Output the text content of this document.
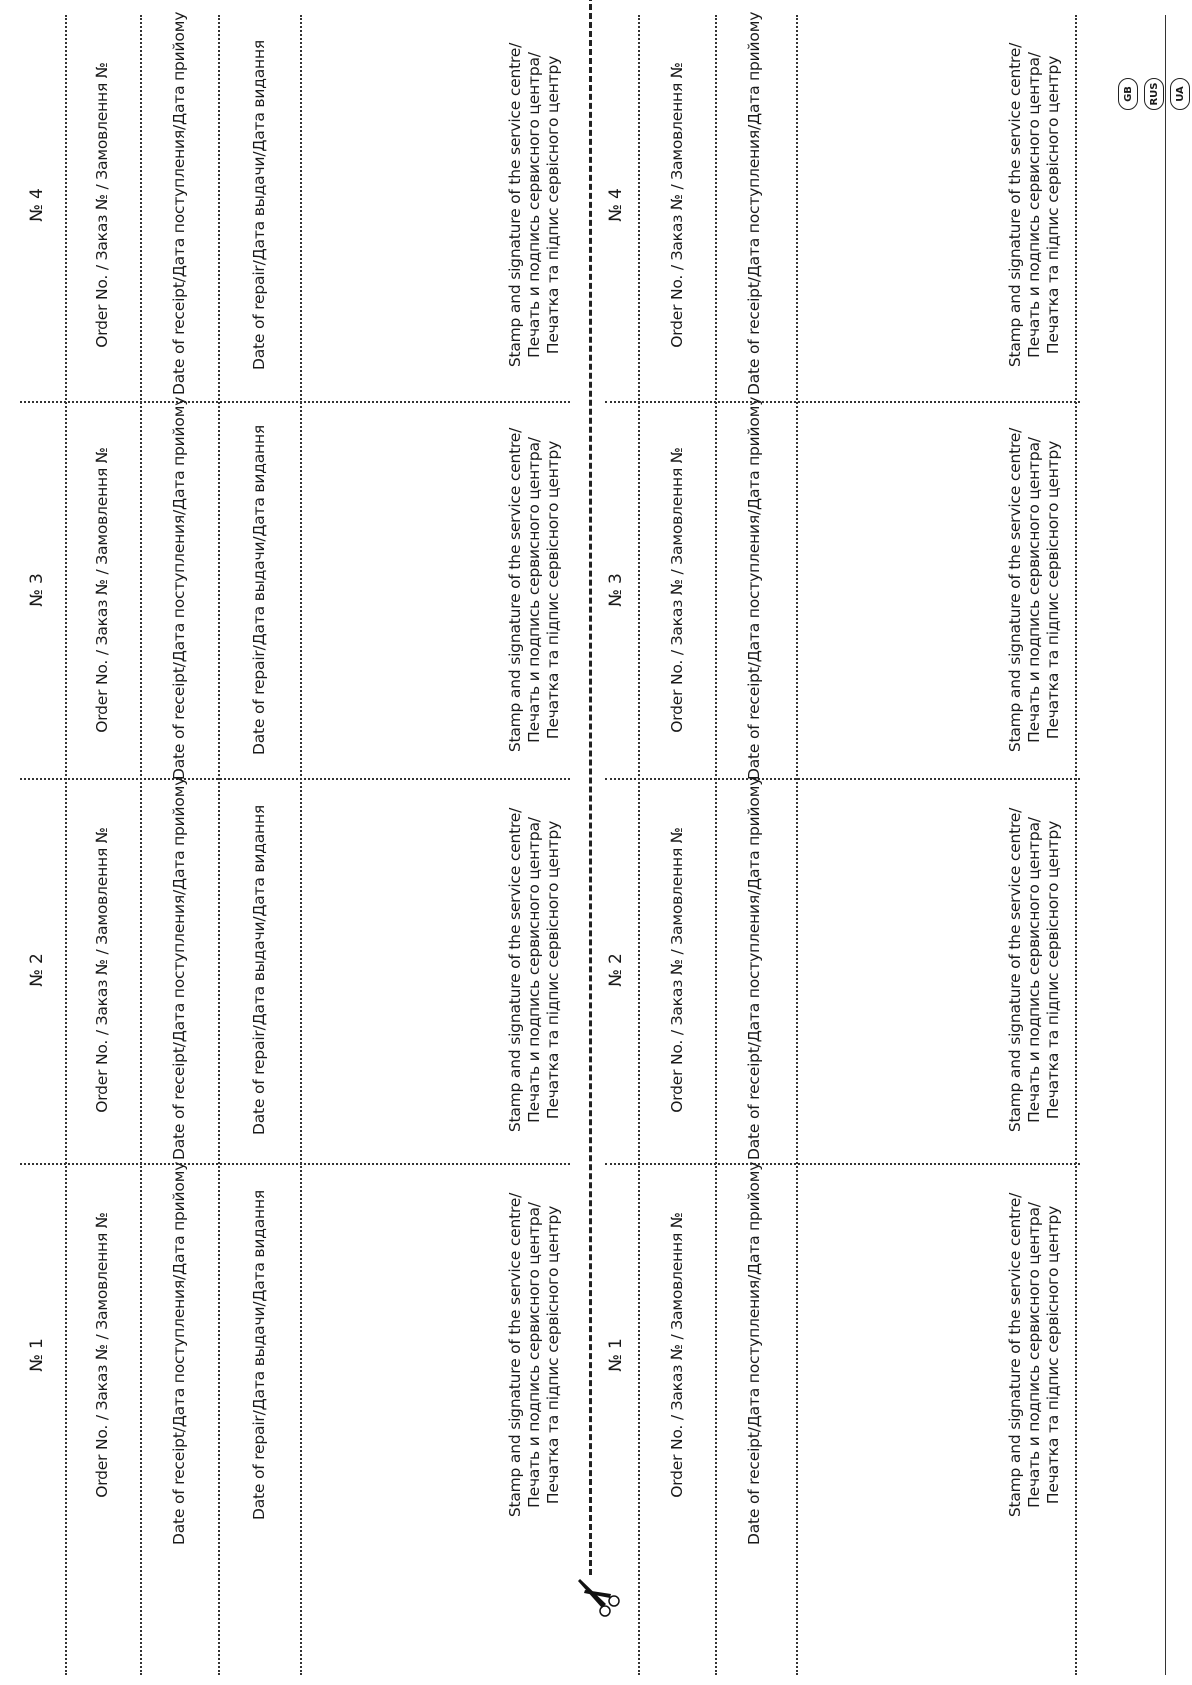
№ 1	Order No. / Заказ № / Замовлення №	Date of receipt/Дата поступления/Дата прийому	Date of repair/Дата выдачи/Дата видання	Stamp and signature of the service centre/ Печать и подпись сервисного центра/ Печатка та підпис сервісного центру
№ 2	Order No. / Заказ № / Замовлення №	Date of receipt/Дата поступления/Дата прийому	Date of repair/Дата выдачи/Дата видання	Stamp and signature of the service centre/ Печать и подпись сервисного центра/ Печатка та підпис сервісного центру
№ 3	Order No. / Заказ № / Замовлення №	Date of receipt/Дата поступления/Дата прийому	Date of repair/Дата выдачи/Дата видання	Stamp and signature of the service centre/ Печать и подпись сервисного центра/ Печатка та підпис сервісного центру
№ 4	Order No. / Заказ № / Замовлення №	Date of receipt/Дата поступления/Дата прийому	Date of repair/Дата выдачи/Дата видання	Stamp and signature of the service centre/ Печать и подпись сервисного центра/ Печатка та підпис сервісного центру
№ 1	Order No. / Заказ № / Замовлення №	Date of receipt/Дата поступления/Дата прийому	Stamp and signature of the service centre/ Печать и подпись сервисного центра/ Печатка та підпис сервісного центру
№ 2	Order No. / Заказ № / Замовлення №	Date of receipt/Дата поступления/Дата прийому	Stamp and signature of the service centre/ Печать и подпись сервисного центра/ Печатка та підпис сервісного центру
№ 3	Order No. / Заказ № / Замовлення №	Date of receipt/Дата поступления/Дата прийому	Stamp and signature of the service centre/ Печать и подпись сервисного центра/ Печатка та підпис сервісного центру
№ 4	Order No. / Заказ № / Замовлення №	Date of receipt/Дата поступления/Дата прийому	Stamp and signature of the service centre/ Печать и подпись сервисного центра/ Печатка та підпис сервісного центру	GB	RUS	UA
